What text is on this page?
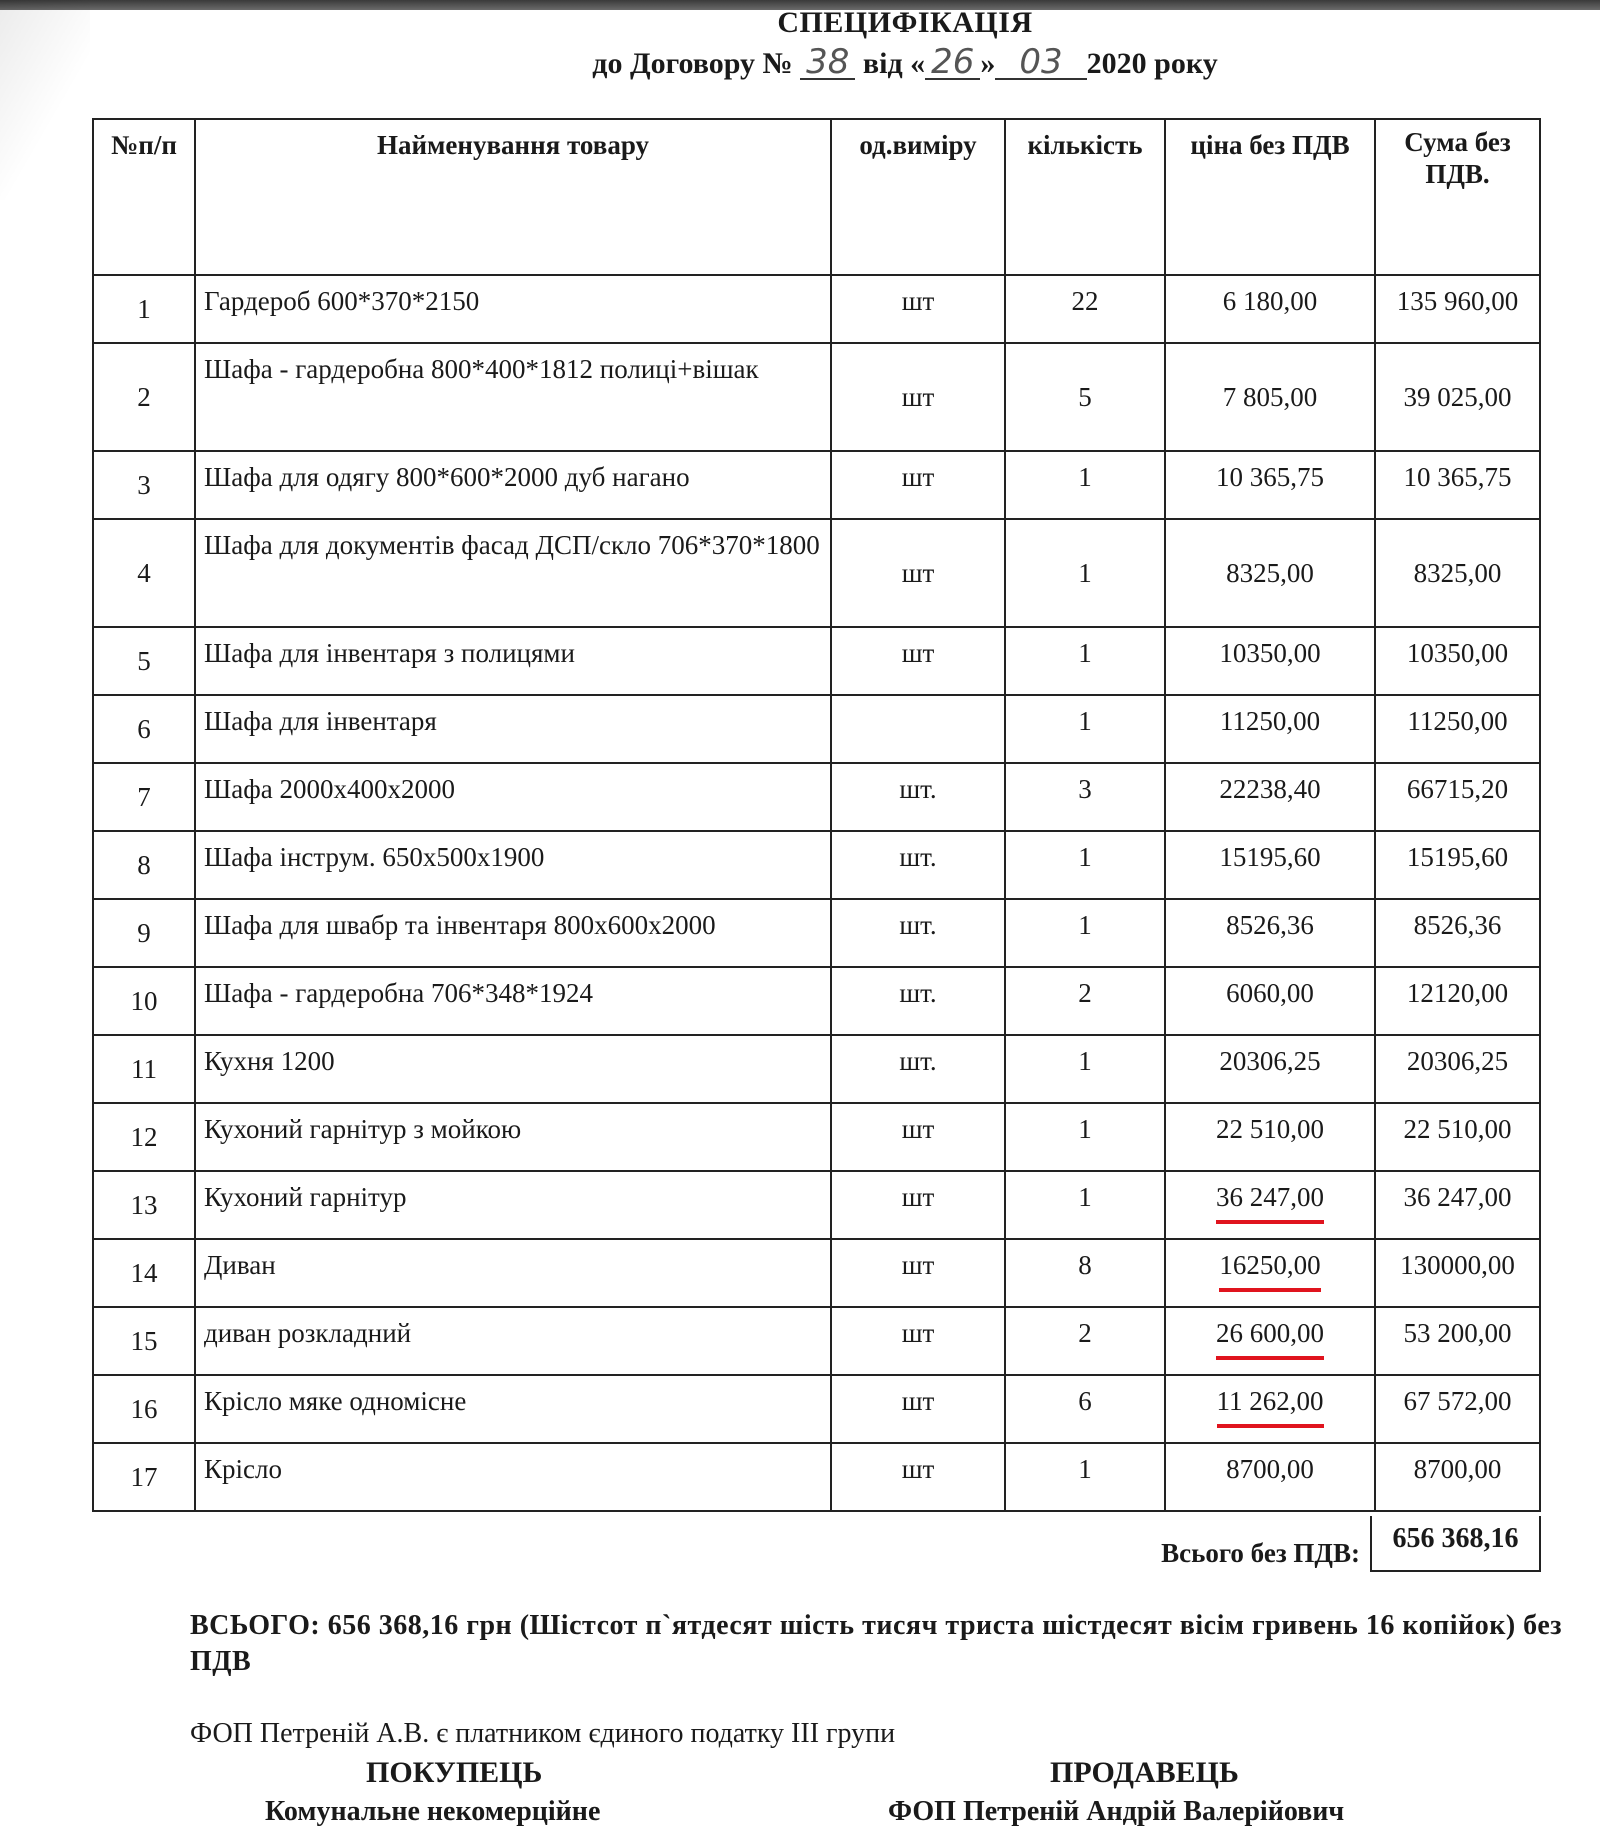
СПЕЦИФІКАЦІЯ
до Договору № 38 від « 26 » 03 2020 року
№п/п	Найменування товару	од.виміру	кількість	ціна без ПДВ	Сума без ПДВ.
1	Гардероб 600*370*2150	шт	22	6 180,00	135 960,00
2	Шафа - гардеробна 800*400*1812 полиці+вішак	шт	5	7 805,00	39 025,00
3	Шафа для одягу 800*600*2000 дуб нагано	шт	1	10 365,75	10 365,75
4	Шафа для документів фасад ДСП/скло 706*370*1800	шт	1	8325,00	8325,00
5	Шафа для інвентаря з полицями	шт	1	10350,00	10350,00
6	Шафа для інвентаря		1	11250,00	11250,00
7	Шафа 2000х400х2000	шт.	3	22238,40	66715,20
8	Шафа інструм. 650х500х1900	шт.	1	15195,60	15195,60
9	Шафа для швабр та інвентаря 800х600х2000	шт.	1	8526,36	8526,36
10	Шафа - гардеробна 706*348*1924	шт.	2	6060,00	12120,00
11	Кухня 1200	шт.	1	20306,25	20306,25
12	Кухоний гарнітур з мойкою	шт	1	22 510,00	22 510,00
13	Кухоний гарнітур	шт	1	36 247,00	36 247,00
14	Диван	шт	8	16250,00	130000,00
15	диван розкладний	шт	2	26 600,00	53 200,00
16	Крісло мяке одномісне	шт	6	11 262,00	67 572,00
17	Крісло	шт	1	8700,00	8700,00
Всього без ПДВ:	656 368,16
ВСЬОГО: 656 368,16 грн (Шістсот п`ятдесят шість тисяч триста шістдесят вісім гривень 16 копійок) без ПДВ
ФОП Петреній А.В. є платником єдиного податку ІІІ групи
ПОКУПЕЦЬ
Комунальне некомерційне
ПРОДАВЕЦЬ
ФОП Петреній Андрій Валерійович
